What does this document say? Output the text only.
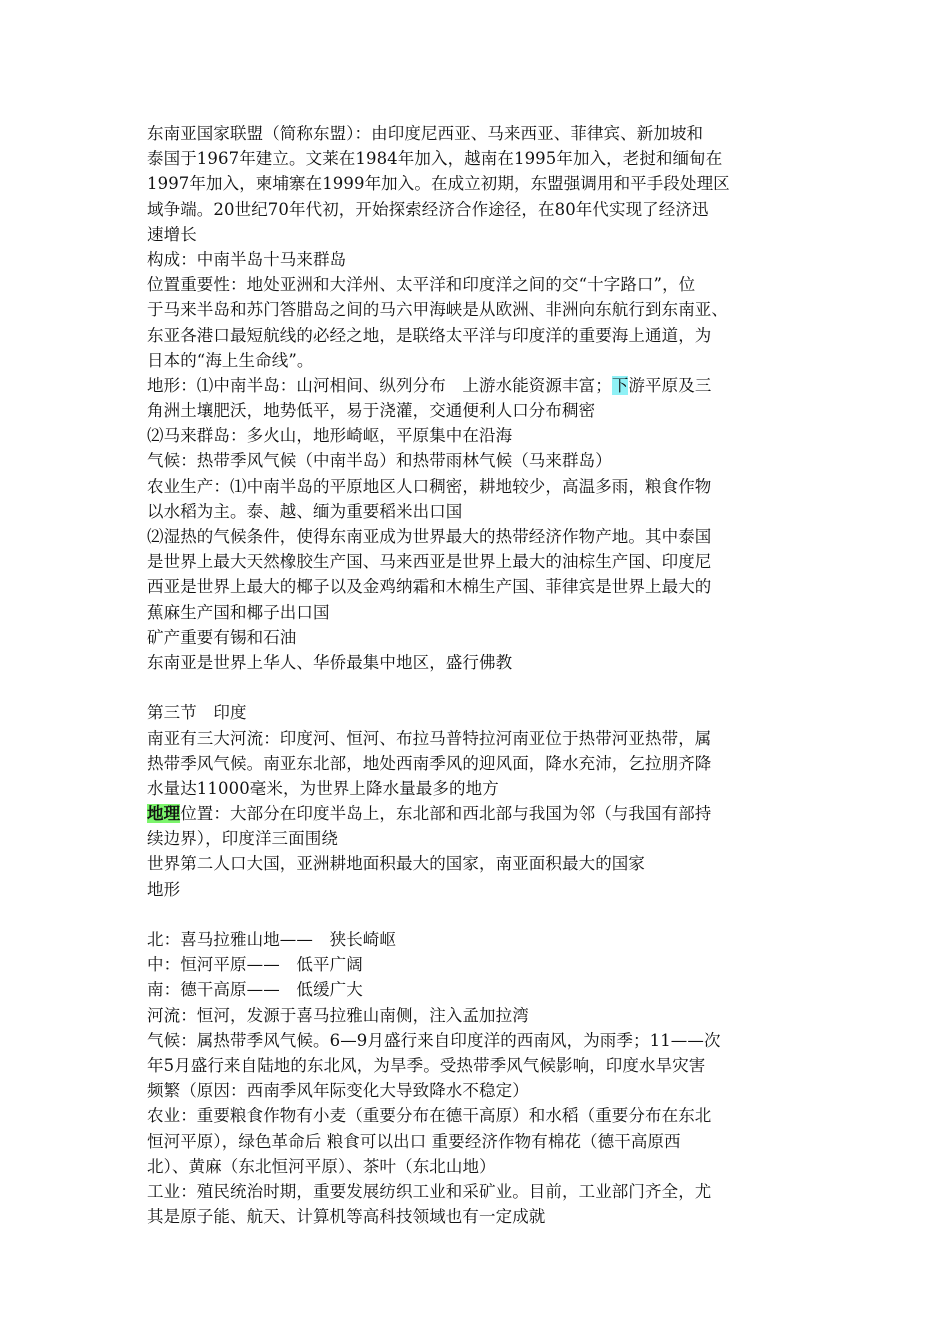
东南亚国家联盟（简称东盟）：由印度尼西亚、马来西亚、菲律宾、新加坡和
泰国于1967年建立。文莱在1984年加入，越南在1995年加入，老挝和缅甸在
1997年加入，柬埔寨在1999年加入。在成立初期，东盟强调用和平手段处理区
域争端。20世纪70年代初，开始探索经济合作途径，在80年代实现了经济迅
速增长
构成：中南半岛十马来群岛
位置重要性：地处亚洲和大洋州、太平洋和印度洋之间的交“十字路口”，位
于马来半岛和苏门答腊岛之间的马六甲海峡是从欧洲、非洲向东航行到东南亚、
东亚各港口最短航线的必经之地，是联络太平洋与印度洋的重要海上通道，为
日本的“海上生命线”。
地形：⑴中南半岛：山河相间、纵列分布　上游水能资源丰富；下游平原及三
角洲土壤肥沃，地势低平，易于浇灌，交通便利人口分布稠密
⑵马来群岛：多火山，地形崎岖，平原集中在沿海
气候：热带季风气候（中南半岛）和热带雨林气候（马来群岛）
农业生产：⑴中南半岛的平原地区人口稠密，耕地较少，高温多雨，粮食作物
以水稻为主。泰、越、缅为重要稻米出口国
⑵湿热的气候条件，使得东南亚成为世界最大的热带经济作物产地。其中泰国
是世界上最大天然橡胶生产国、马来西亚是世界上最大的油棕生产国、印度尼
西亚是世界上最大的椰子以及金鸡纳霜和木棉生产国、菲律宾是世界上最大的
蕉麻生产国和椰子出口国
矿产重要有锡和石油
东南亚是世界上华人、华侨最集中地区，盛行佛教
第三节　印度
南亚有三大河流：印度河、恒河、布拉马普特拉河南亚位于热带河亚热带，属
热带季风气候。南亚东北部，地处西南季风的迎风面，降水充沛，乞拉朋齐降
水量达11000毫米，为世界上降水量最多的地方
地理位置：大部分在印度半岛上，东北部和西北部与我国为邻（与我国有部持
续边界），印度洋三面围绕
世界第二人口大国，亚洲耕地面积最大的国家，南亚面积最大的国家
地形
北：喜马拉雅山地——　狭长崎岖
中：恒河平原——　低平广阔
南：德干高原——　低缓广大
河流：恒河，发源于喜马拉雅山南侧，注入孟加拉湾
气候：属热带季风气候。6—9月盛行来自印度洋的西南风，为雨季；11——次
年5月盛行来自陆地的东北风，为旱季。受热带季风气候影响，印度水旱灾害
频繁（原因：西南季风年际变化大导致降水不稳定）
农业：重要粮食作物有小麦（重要分布在德干高原）和水稻（重要分布在东北
恒河平原），绿色革命后 粮食可以出口 重要经济作物有棉花（德干高原西
北）、黄麻（东北恒河平原）、茶叶（东北山地）
工业：殖民统治时期，重要发展纺织工业和采矿业。目前，工业部门齐全，尤
其是原子能、航天、计算机等高科技领域也有一定成就
